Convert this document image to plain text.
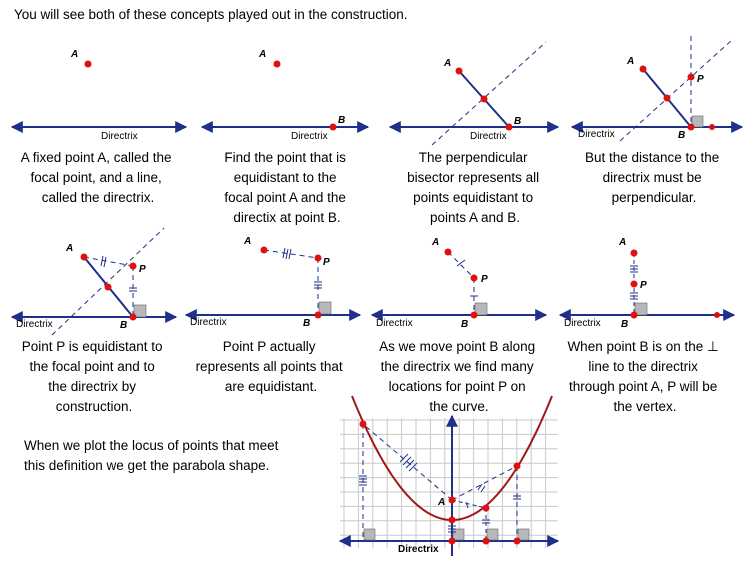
You will see both of these concepts played out in the construction.
Directrix
A
A fixed point A, called the focal point, and a line, called the directrix.
Directrix
A
B
Find the point that is equidistant to the focal point A and the directix at point B.
Directrix
A
B
The perpendicular bisector represents all points equidistant to points A and B.
Directrix
A
P
B
But the distance to the directrix must be perpendicular.
Directrix
A
P
B
Point P is equidistant to the focal point and to the directrix by construction.
Directrix
A
P
B
Point P actually represents all points that are equidistant.
Directrix
A
P
B
As we move point B along the directrix we find many locations for point P on the curve.
Directrix
A
P
B
When point B is on the ⊥ line to the directrix through point A, P will be the vertex.
When we plot the locus of points that meet this definition we get the parabola shape.
Directrix
A
